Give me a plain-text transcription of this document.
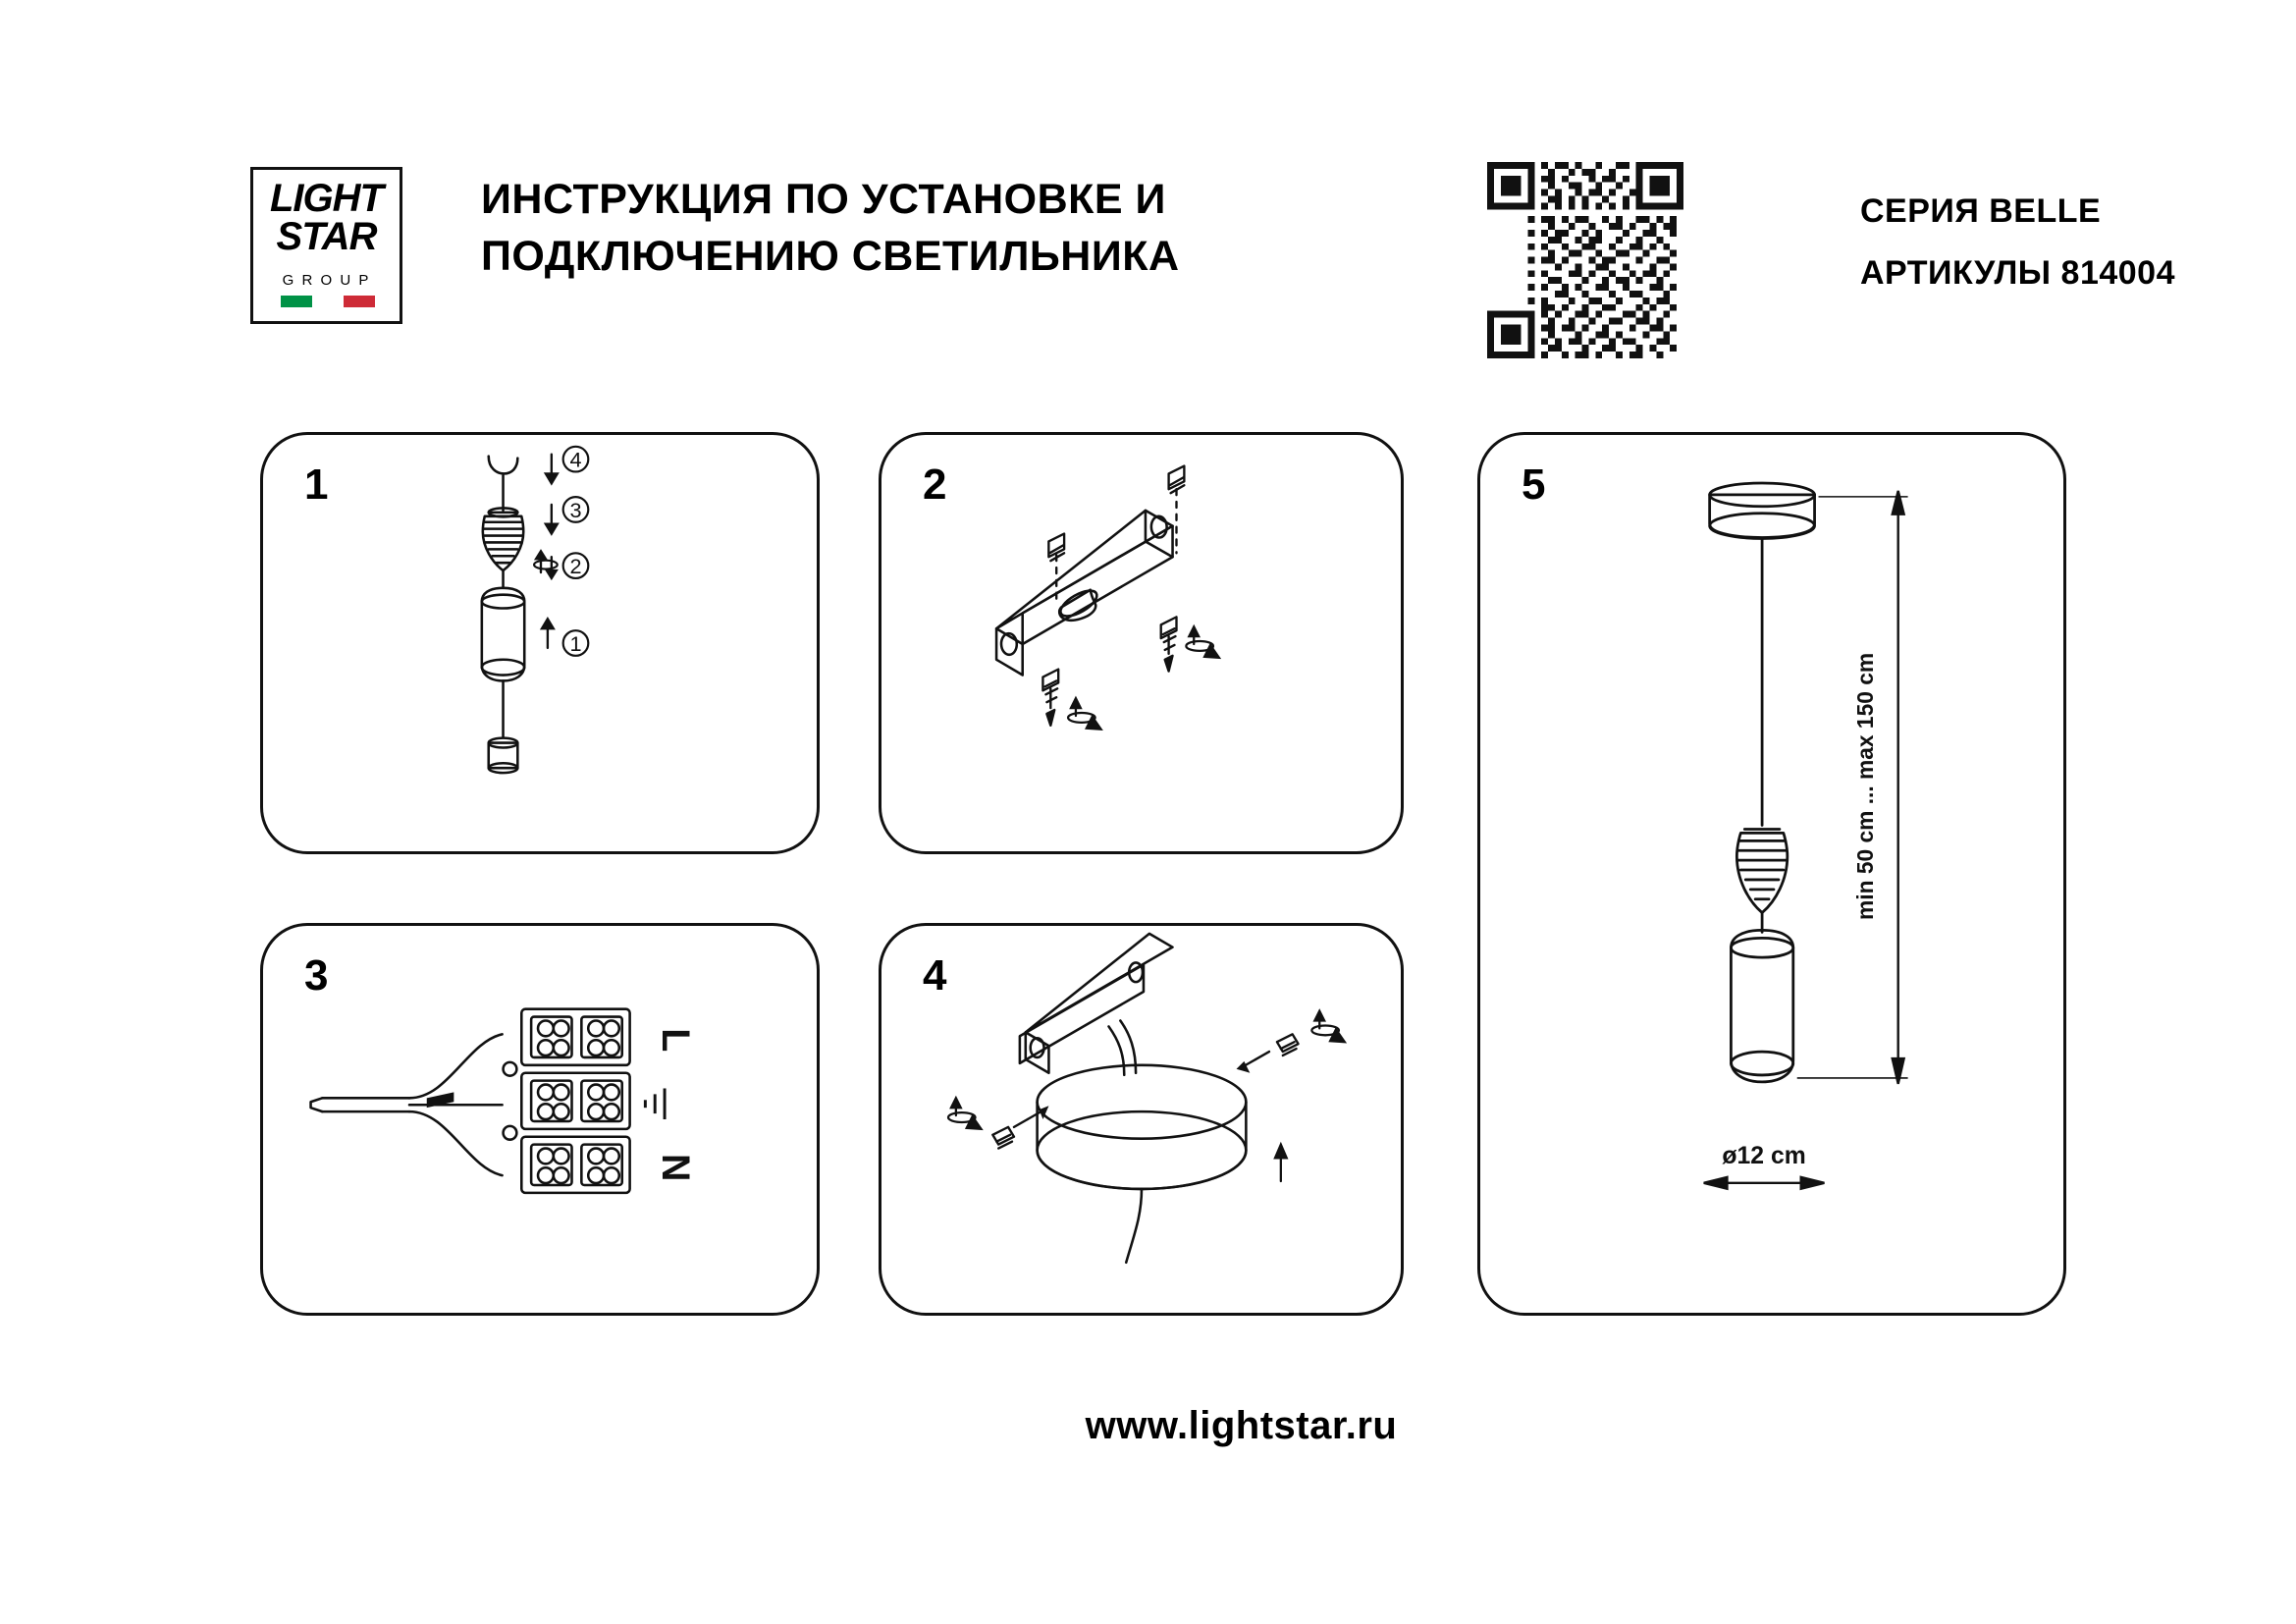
LIGHT
STAR
G R O U P
ИНСТРУКЦИЯ ПО УСТАНОВКЕ И ПОДКЛЮЧЕНИЮ СВЕТИЛЬНИКА
СЕРИЯ BELLE
АРТИКУЛЫ 814004
1
4
3
2
1
2
3
L
N
4
5
min 50 cm ... max 150 cm
ø12 cm
www.lightstar.ru
